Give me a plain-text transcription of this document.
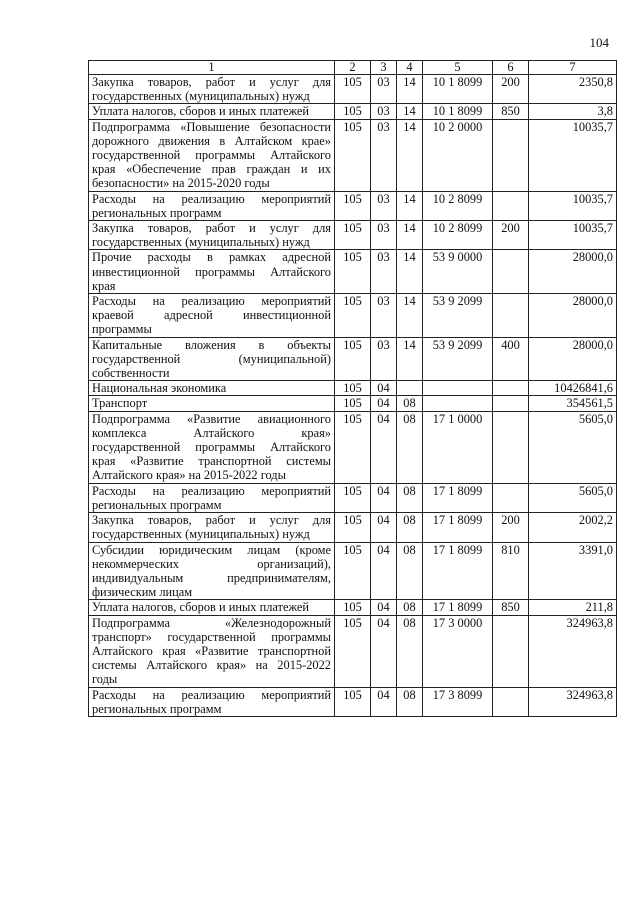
104
1	2	3	4	5	6	7
Закупка товаров, работ и услуг для государственных (муниципальных) нужд	105	03	14	10 1 8099	200	2350,8
Уплата налогов, сборов и иных платежей	105	03	14	10 1 8099	850	3,8
Подпрограмма «Повышение безопасности дорожного движения в Алтайском крае» государственной программы Алтайского края «Обеспечение прав граждан и их безопасности» на 2015-2020 годы	105	03	14	10 2 0000		10035,7
Расходы на реализацию мероприятий региональных программ	105	03	14	10 2 8099		10035,7
Закупка товаров, работ и услуг для государственных (муниципальных) нужд	105	03	14	10 2 8099	200	10035,7
Прочие расходы в рамках адресной инвестиционной программы Алтайского края	105	03	14	53 9 0000		28000,0
Расходы на реализацию мероприятий краевой адресной инвестиционной программы	105	03	14	53 9 2099		28000,0
Капитальные вложения в объекты государственной (муниципальной) собственности	105	03	14	53 9 2099	400	28000,0
Национальная экономика	105	04				10426841,6
Транспорт	105	04	08			354561,5
Подпрограмма «Развитие авиационного комплекса Алтайского края» государственной программы Алтайского края «Развитие транспортной системы Алтайского края» на 2015-2022 годы	105	04	08	17 1 0000		5605,0
Расходы на реализацию мероприятий региональных программ	105	04	08	17 1 8099		5605,0
Закупка товаров, работ и услуг для государственных (муниципальных) нужд	105	04	08	17 1 8099	200	2002,2
Субсидии юридическим лицам (кроме некоммерческих организаций), индивидуальным предпринимателям, физическим лицам	105	04	08	17 1 8099	810	3391,0
Уплата налогов, сборов и иных платежей	105	04	08	17 1 8099	850	211,8
Подпрограмма «Железнодорожный транспорт» государственной программы Алтайского края «Развитие транспортной системы Алтайского края» на 2015-2022 годы	105	04	08	17 3 0000		324963,8
Расходы на реализацию мероприятий региональных программ	105	04	08	17 3 8099		324963,8
